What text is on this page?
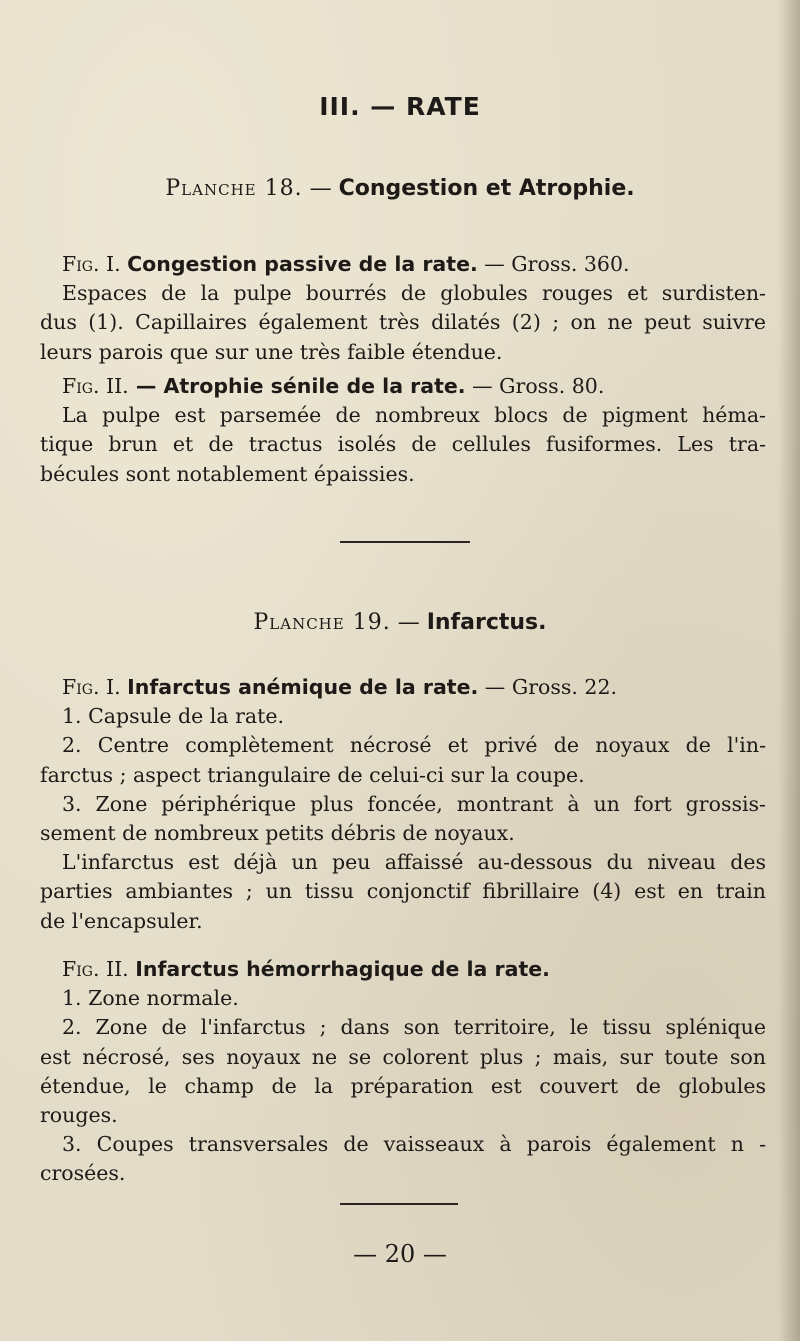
III. — RATE
Planche 18. — Congestion et Atrophie.
Fig. I. Congestion passive de la rate. — Gross. 360.
Espaces de la pulpe bourrés de globules rouges et surdisten-
dus (1). Capillaires également très dilatés (2) ; on ne peut suivre
leurs parois que sur une très faible étendue.
Fig. II. — Atrophie sénile de la rate. — Gross. 80.
La pulpe est parsemée de nombreux blocs de pigment héma-
tique brun et de tractus isolés de cellules fusiformes. Les tra-
bécules sont notablement épaissies.
Planche 19. — Infarctus.
Fig. I. Infarctus anémique de la rate. — Gross. 22.
1. Capsule de la rate.
2. Centre complètement nécrosé et privé de noyaux de l'in-
farctus ; aspect triangulaire de celui-ci sur la coupe.
3. Zone périphérique plus foncée, montrant à un fort grossis-
sement de nombreux petits débris de noyaux.
L'infarctus est déjà un peu affaissé au-dessous du niveau des
parties ambiantes ; un tissu conjonctif fibrillaire (4) est en train
de l'encapsuler.
Fig. II. Infarctus hémorrhagique de la rate.
1. Zone normale.
2. Zone de l'infarctus ; dans son territoire, le tissu splénique
est nécrosé, ses noyaux ne se colorent plus ; mais, sur toute son
étendue, le champ de la préparation est couvert de globules
rouges.
3. Coupes transversales de vaisseaux à parois également n -
crosées.
— 20 —
